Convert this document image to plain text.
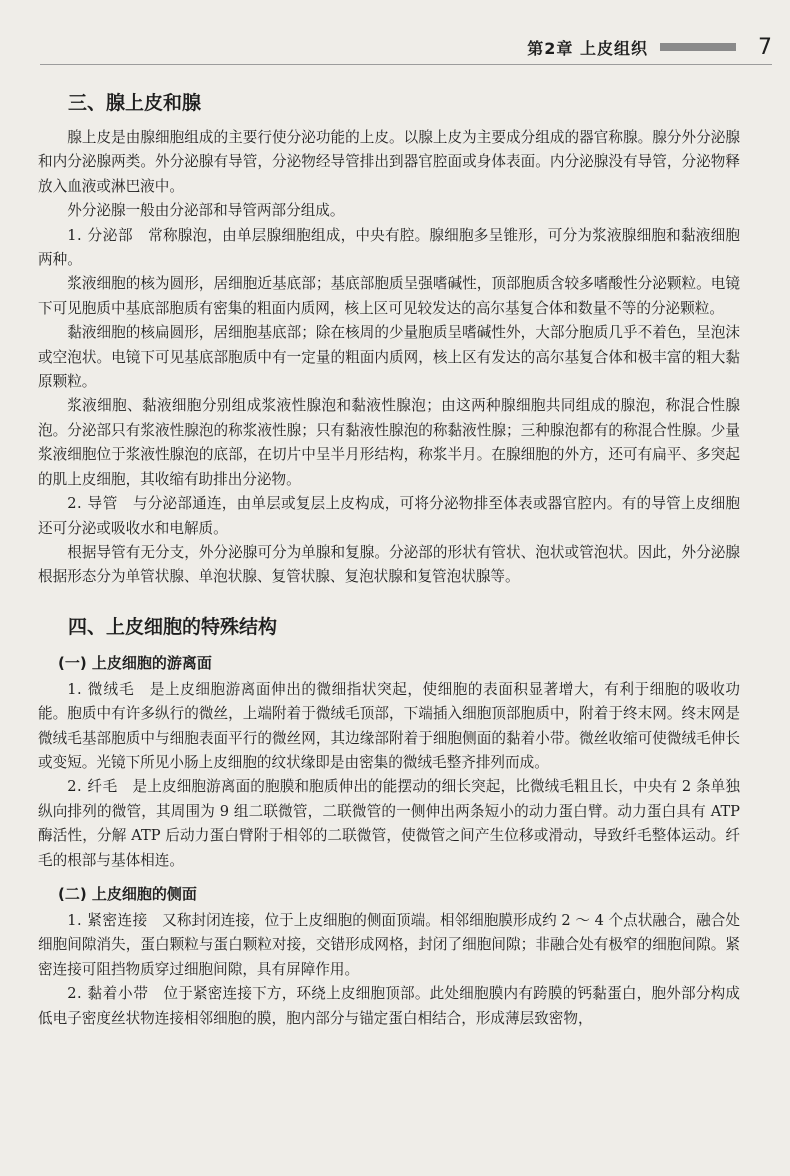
第2章 上皮组织	7
三、腺上皮和腺

腺上皮是由腺细胞组成的主要行使分泌功能的上皮。以腺上皮为主要成分组成的器官称腺。腺分外分泌腺和内分泌腺两类。外分泌腺有导管，分泌物经导管排出到器官腔面或身体表面。内分泌腺没有导管，分泌物释放入血液或淋巴液中。

外分泌腺一般由分泌部和导管两部分组成。

1. 分泌部  常称腺泡，由单层腺细胞组成，中央有腔。腺细胞多呈锥形，可分为浆液腺细胞和黏液细胞两种。

浆液细胞的核为圆形，居细胞近基底部；基底部胞质呈强嗜碱性，顶部胞质含较多嗜酸性分泌颗粒。电镜下可见胞质中基底部胞质有密集的粗面内质网，核上区可见较发达的高尔基复合体和数量不等的分泌颗粒。

黏液细胞的核扁圆形，居细胞基底部；除在核周的少量胞质呈嗜碱性外，大部分胞质几乎不着色，呈泡沫或空泡状。电镜下可见基底部胞质中有一定量的粗面内质网，核上区有发达的高尔基复合体和极丰富的粗大黏原颗粒。

浆液细胞、黏液细胞分别组成浆液性腺泡和黏液性腺泡；由这两种腺细胞共同组成的腺泡，称混合性腺泡。分泌部只有浆液性腺泡的称浆液性腺；只有黏液性腺泡的称黏液性腺；三种腺泡都有的称混合性腺。少量浆液细胞位于浆液性腺泡的底部，在切片中呈半月形结构，称浆半月。在腺细胞的外方，还可有扁平、多突起的肌上皮细胞，其收缩有助排出分泌物。

2. 导管  与分泌部通连，由单层或复层上皮构成，可将分泌物排至体表或器官腔内。有的导管上皮细胞还可分泌或吸收水和电解质。

根据导管有无分支，外分泌腺可分为单腺和复腺。分泌部的形状有管状、泡状或管泡状。因此，外分泌腺根据形态分为单管状腺、单泡状腺、复管状腺、复泡状腺和复管泡状腺等。

四、上皮细胞的特殊结构
(一) 上皮细胞的游离面

1. 微绒毛  是上皮细胞游离面伸出的微细指状突起，使细胞的表面积显著增大，有利于细胞的吸收功能。胞质中有许多纵行的微丝，上端附着于微绒毛顶部，下端插入细胞顶部胞质中，附着于终末网。终末网是微绒毛基部胞质中与细胞表面平行的微丝网，其边缘部附着于细胞侧面的黏着小带。微丝收缩可使微绒毛伸长或变短。光镜下所见小肠上皮细胞的纹状缘即是由密集的微绒毛整齐排列而成。

2. 纤毛  是上皮细胞游离面的胞膜和胞质伸出的能摆动的细长突起，比微绒毛粗且长，中央有 2 条单独纵向排列的微管，其周围为 9 组二联微管，二联微管的一侧伸出两条短小的动力蛋白臂。动力蛋白具有 ATP 酶活性，分解 ATP 后动力蛋白臂附于相邻的二联微管，使微管之间产生位移或滑动，导致纤毛整体运动。纤毛的根部与基体相连。

(二) 上皮细胞的侧面

1. 紧密连接  又称封闭连接，位于上皮细胞的侧面顶端。相邻细胞膜形成约 2 ～ 4 个点状融合，融合处细胞间隙消失，蛋白颗粒与蛋白颗粒对接，交错形成网格，封闭了细胞间隙；非融合处有极窄的细胞间隙。紧密连接可阻挡物质穿过细胞间隙，具有屏障作用。

2. 黏着小带  位于紧密连接下方，环绕上皮细胞顶部。此处细胞膜内有跨膜的钙黏蛋白，胞外部分构成低电子密度丝状物连接相邻细胞的膜，胞内部分与锚定蛋白相结合，形成薄层致密物，
